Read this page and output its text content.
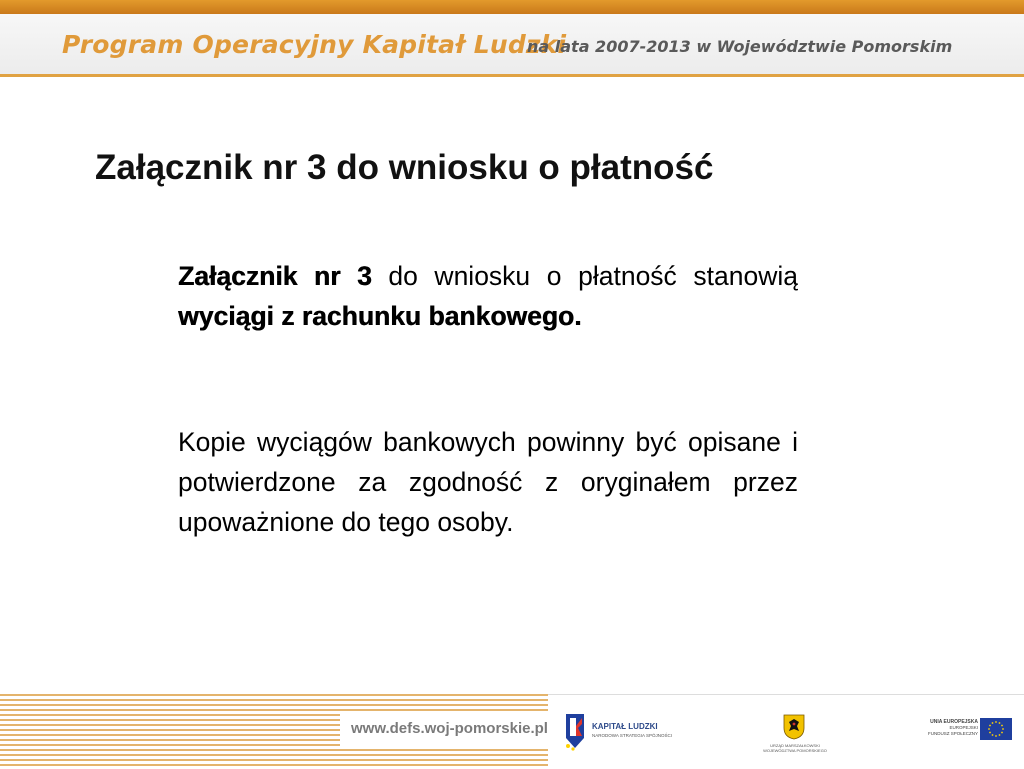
Program Operacyjny Kapitał Ludzki
na lata 2007-2013 w Województwie Pomorskim
Załącznik nr 3 do wniosku o płatność
Załącznik nr 3 do wniosku o płatność stanowią wyciągi z rachunku bankowego.
Kopie wyciągów bankowych powinny być opisane i potwierdzone za zgodność z oryginałem przez upoważnione do tego osoby.
www.defs.woj-pomorskie.pl	KAPITAŁ LUDZKI
NARODOWA STRATEGIA SPÓJNOŚCI
URZĄD MARSZAŁKOWSKI
WOJEWÓDZTWA POMORSKIEGO
UNIA EUROPEJSKA
EUROPEJSKI
FUNDUSZ SPOŁECZNY
